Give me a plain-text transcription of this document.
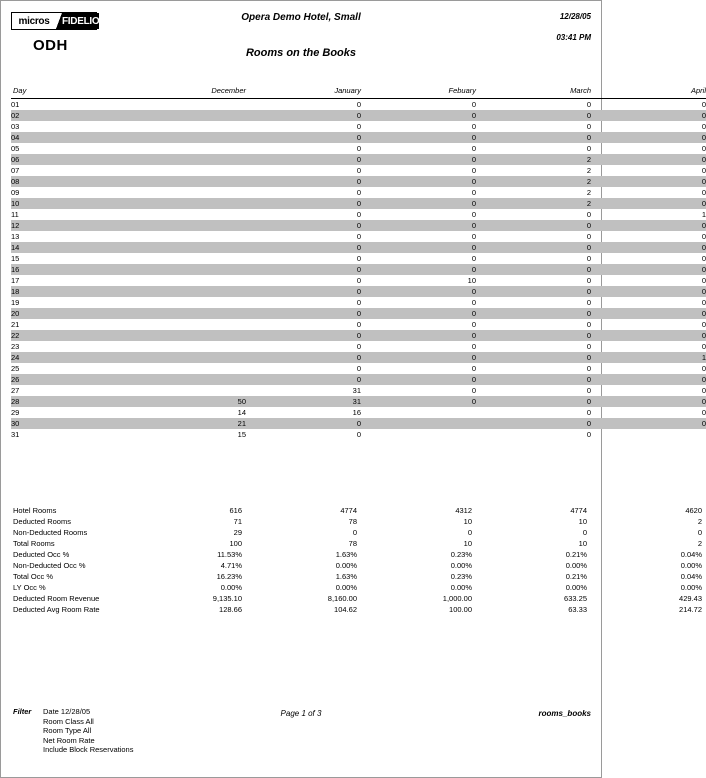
micros	FIDELIO
ODH
Opera Demo Hotel, Small
Rooms on the Books
12/28/05
03:41 PM
Day	December	January	Febuary	March	April

01		0	0	0	0
02		0	0	0	0
03		0	0	0	0
04		0	0	0	0
05		0	0	0	0
06		0	0	2	0
07		0	0	2	0
08		0	0	2	0
09		0	0	2	0
10		0	0	2	0
11		0	0	0	1
12		0	0	0	0
13		0	0	0	0
14		0	0	0	0
15		0	0	0	0
16		0	0	0	0
17		0	10	0	0
18		0	0	0	0
19		0	0	0	0
20		0	0	0	0
21		0	0	0	0
22		0	0	0	0
23		0	0	0	0
24		0	0	0	1
25		0	0	0	0
26		0	0	0	0
27		31	0	0	0
28	50	31	0	0	0
29	14	16		0	0
30	21	0		0	0
31	15	0		0	
Hotel Rooms	616	4774	4312	4774	4620
Deducted Rooms	71	78	10	10	2
Non-Deducted Rooms	29	0	0	0	0
Total Rooms	100	78	10	10	2
Deducted Occ %	11.53%	1.63%	0.23%	0.21%	0.04%
Non-Deducted Occ %	4.71%	0.00%	0.00%	0.00%	0.00%
Total Occ %	16.23%	1.63%	0.23%	0.21%	0.04%
LY Occ %	0.00%	0.00%	0.00%	0.00%	0.00%
Deducted Room Revenue	9,135.10	8,160.00	1,000.00	633.25	429.43
Deducted Avg Room Rate	128.66	104.62	100.00	63.33	214.72
Filter Date 12/28/05
Room Class All
Room Type All
Net Room Rate
Include Block Reservations
Page 1 of 3	rooms_books
